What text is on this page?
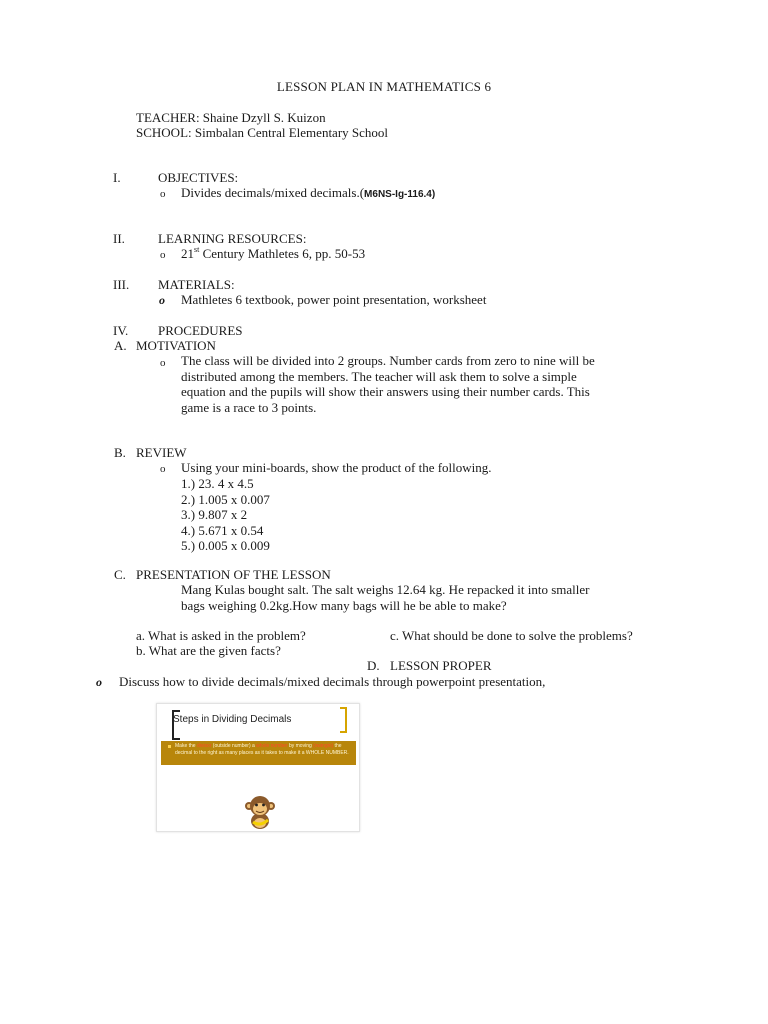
LESSON PLAN IN MATHEMATICS 6
TEACHER: Shaine Dzyll S. Kuizon
SCHOOL: Simbalan Central Elementary School
I.	OBJECTIVES:
o Divides decimals/mixed decimals.(M6NS-Ig-116.4)
II.	LEARNING RESOURCES:
o 21st Century Mathletes 6, pp. 50-53
III. MATERIALS:
o Mathletes 6 textbook, power point presentation, worksheet
IV. PROCEDURES
A. MOTIVATION
o The class will be divided into 2 groups. Number cards from zero to nine will be
distributed among the members. The teacher will ask them to solve a simple
equation and the pupils will show their answers using their number cards. This
game is a race to 3 points.
B. REVIEW
o Using your mini-boards, show the product of the following.
1.) 23. 4 x 4.5
2.) 1.005 x 0.007
3.) 9.807 x 2
4.) 5.671 x 0.54
5.) 0.005 x 0.009
C. PRESENTATION OF THE LESSON
Mang Kulas bought salt. The salt weighs 12.64 kg. He repacked it into smaller
bags weighing 0.2kg.How many bags will he be able to make?
a. What is asked in the problem?	c. What should be done to solve the problems?
b. What are the given facts?
D. LESSON PROPER
o Discuss how to divide decimals/mixed decimals through powerpoint presentation,
Steps in Dividing Decimals
Make the divisor (outside number) a whole number by moving (swingin) the decimal to the right as many places as it takes to make it a WHOLE NUMBER.
